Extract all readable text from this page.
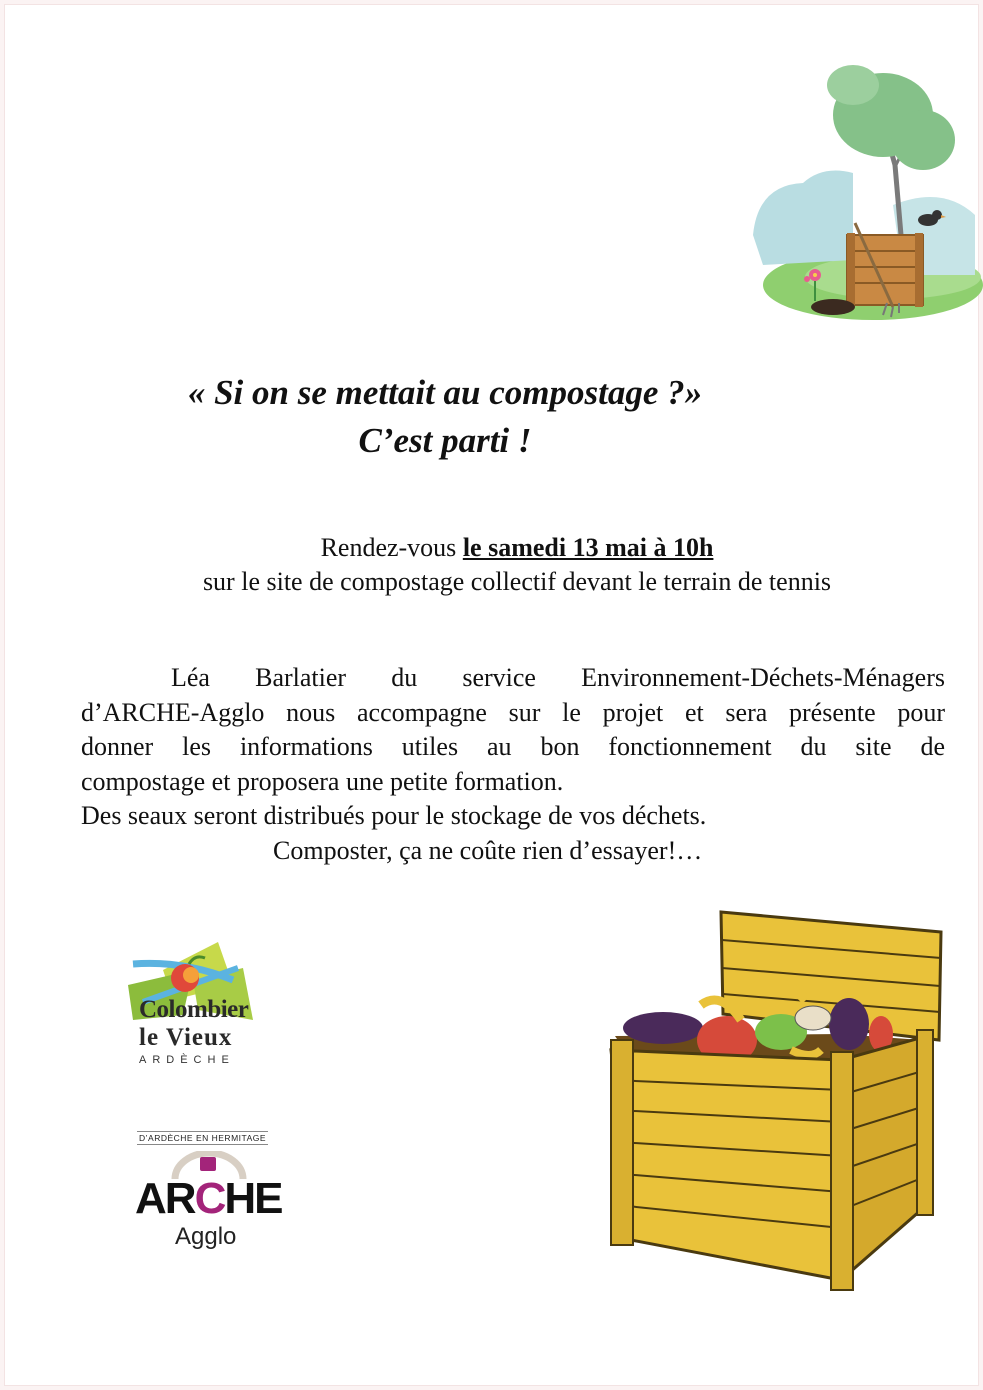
« Si on se mettait au compostage ?»

C’est parti !

Rendez-vous le samedi 13 mai à 10h
sur le site de compostage collectif devant le terrain de tennis
Léa Barlatier du service Environnement-Déchets-Ménagers
d’ARCHE-Agglo nous accompagne sur le projet et sera présente pour
donner les informations utiles au bon fonctionnement du site de
compostage et proposera une petite formation.
Des seaux seront distribués pour le stockage de vos déchets.
Composter, ça ne coûte rien d’essayer!…
Colombier
le Vieux
ARDÈCHE
D’ARDÈCHE EN HERMITAGE
ARCHE
Agglo
